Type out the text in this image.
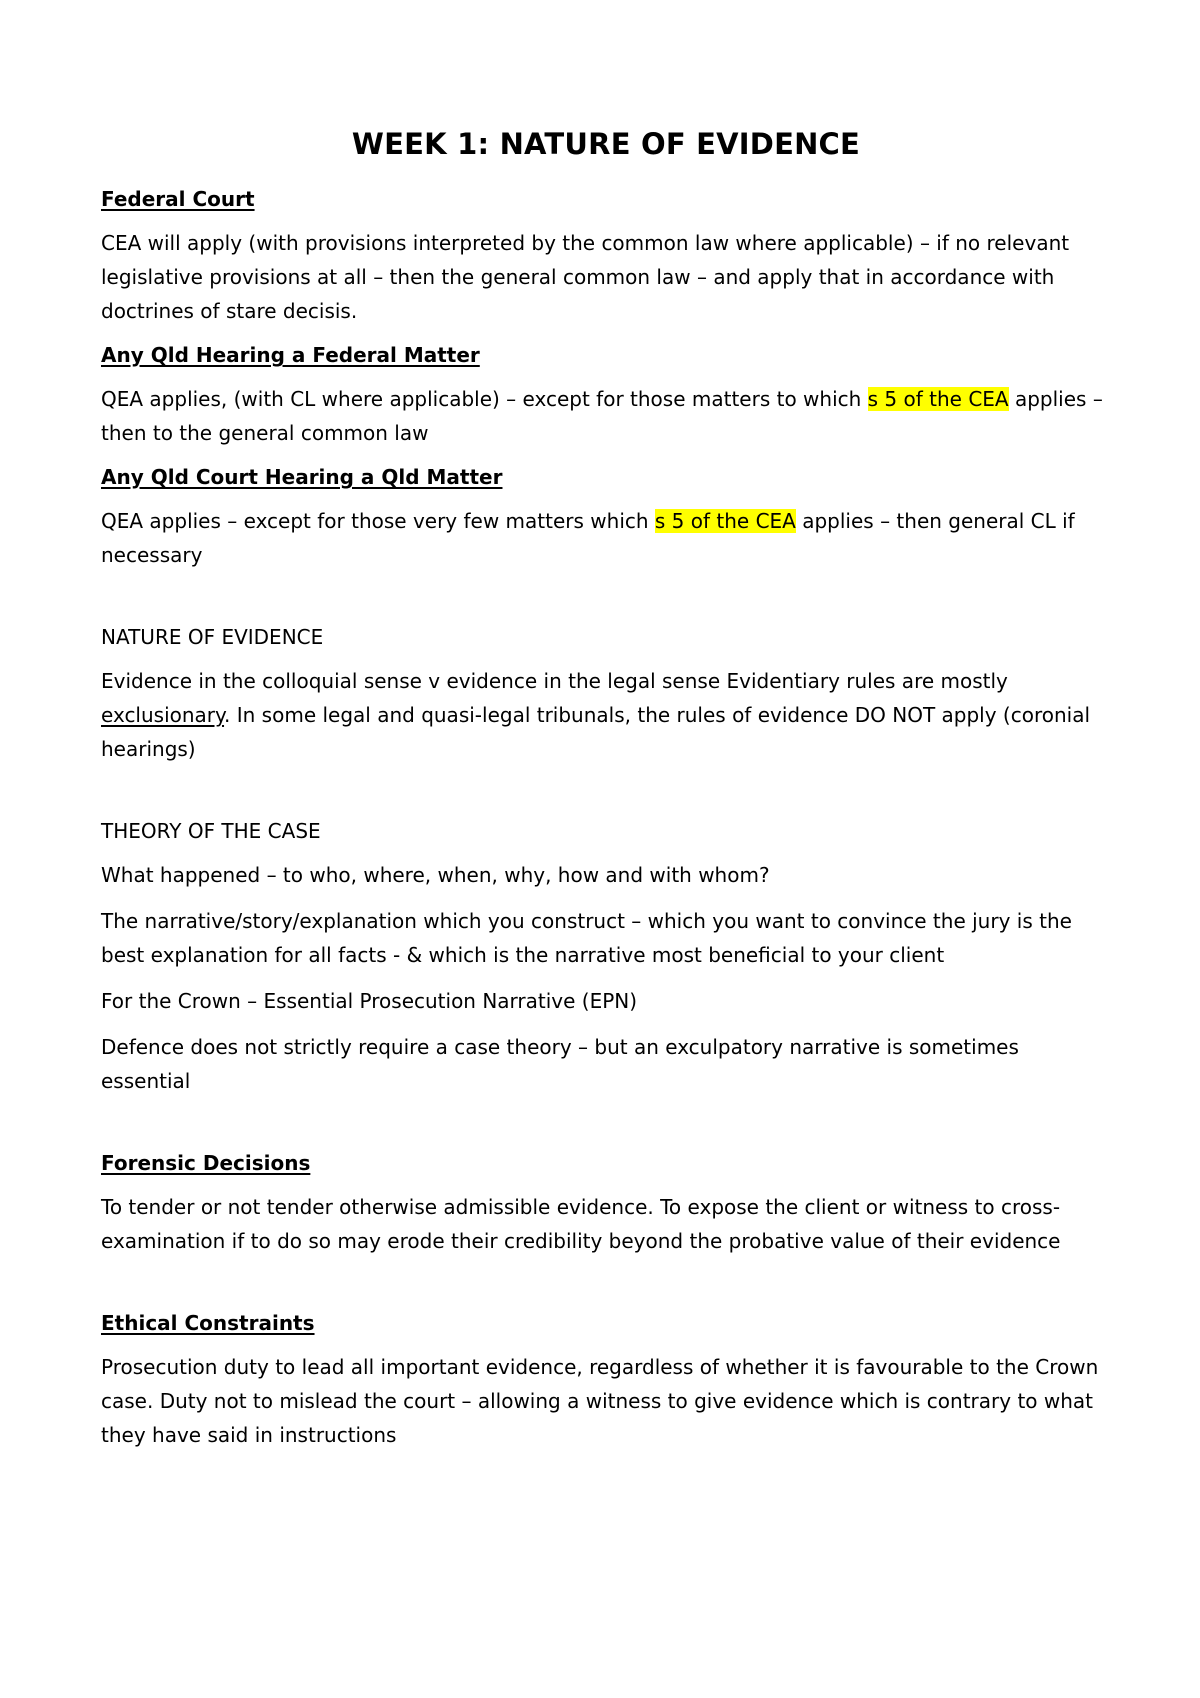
WEEK 1: NATURE OF EVIDENCE
Federal Court

CEA will apply (with provisions interpreted by the common law where applicable) – if no relevant legislative provisions at all – then the general common law – and apply that in accordance with doctrines of stare decisis.

Any Qld Hearing a Federal Matter

QEA applies, (with CL where applicable) – except for those matters to which s 5 of the CEA applies – then to the general common law

Any Qld Court Hearing a Qld Matter

QEA applies – except for those very few matters which s 5 of the CEA applies – then general CL if necessary

NATURE OF EVIDENCE

Evidence in the colloquial sense v evidence in the legal sense Evidentiary rules are mostly exclusionary. In some legal and quasi-legal tribunals, the rules of evidence DO NOT apply (coronial hearings)

THEORY OF THE CASE

What happened – to who, where, when, why, how and with whom?

The narrative/story/explanation which you construct – which you want to convince the jury is the best explanation for all facts - & which is the narrative most beneficial to your client

For the Crown – Essential Prosecution Narrative (EPN)

Defence does not strictly require a case theory – but an exculpatory narrative is sometimes essential

Forensic Decisions

To tender or not tender otherwise admissible evidence. To expose the client or witness to cross-examination if to do so may erode their credibility beyond the probative value of their evidence

Ethical Constraints

Prosecution duty to lead all important evidence, regardless of whether it is favourable to the Crown case. Duty not to mislead the court – allowing a witness to give evidence which is contrary to what they have said in instructions
